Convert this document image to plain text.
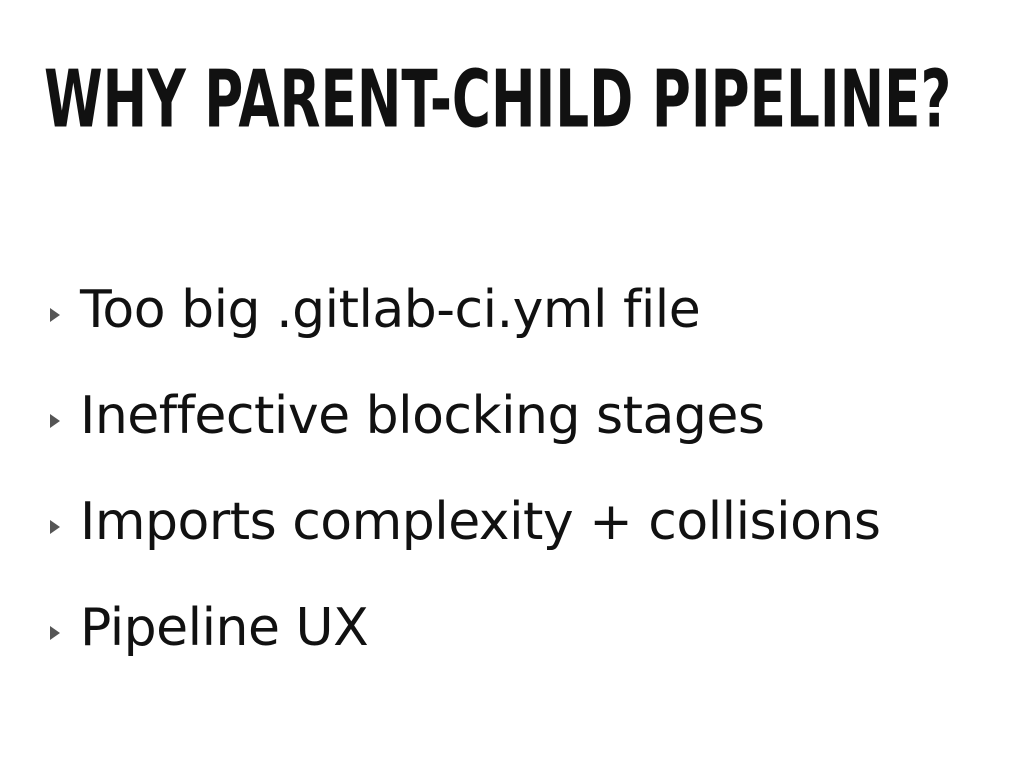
WHY PARENT-CHILD PIPELINE?
Too big .gitlab-ci.yml file
Ineffective blocking stages
Imports complexity + collisions
Pipeline UX
